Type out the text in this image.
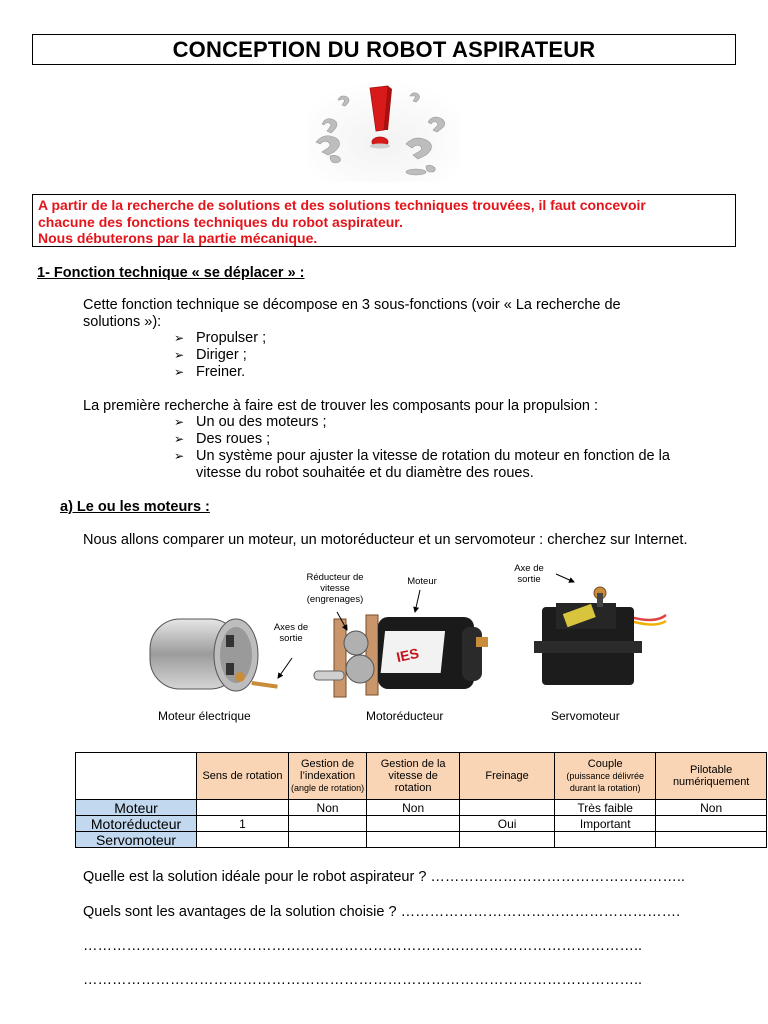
CONCEPTION DU ROBOT ASPIRATEUR
A partir de la recherche de solutions et des solutions techniques trouvées, il faut concevoir
chacune des fonctions techniques du robot aspirateur.
Nous débuterons par la partie mécanique.
1- Fonction technique « se déplacer » :
Cette fonction technique se décompose en 3 sous-fonctions (voir « La recherche de
solutions »):
➢ Propulser ;
➢ Diriger ;
➢ Freiner.
La première recherche à faire est de trouver les composants pour la propulsion :
➢ Un ou des moteurs ;
➢ Des roues ;
➢ Un système pour ajuster la vitesse de rotation du moteur en fonction de la
vitesse du robot souhaitée et du diamètre des roues.
a) Le ou les moteurs :
Nous allons comparer un moteur, un motoréducteur et un servomoteur : cherchez sur Internet.
IES
Réducteur de
vitesse
(engrenages)
Moteur
Axes de
sortie
Axe de
sortie
Moteur électrique	Motoréducteur	Servomoteur
	Sens de rotation	Gestion de l’indexation
(angle de rotation)	Gestion de la vitesse de rotation	Freinage	Couple
(puissance délivrée durant la rotation)	Pilotable numériquement
Moteur		Non	Non		Très faible	Non
Motoréducteur	1			Oui	Important	
Servomoteur						
Quelle est la solution idéale pour le robot aspirateur ? ……………………………………………..
Quels sont les avantages de la solution choisie ? ………………………………………………….
……………………………………………………………………………………………………..
……………………………………………………………………………………………………..
